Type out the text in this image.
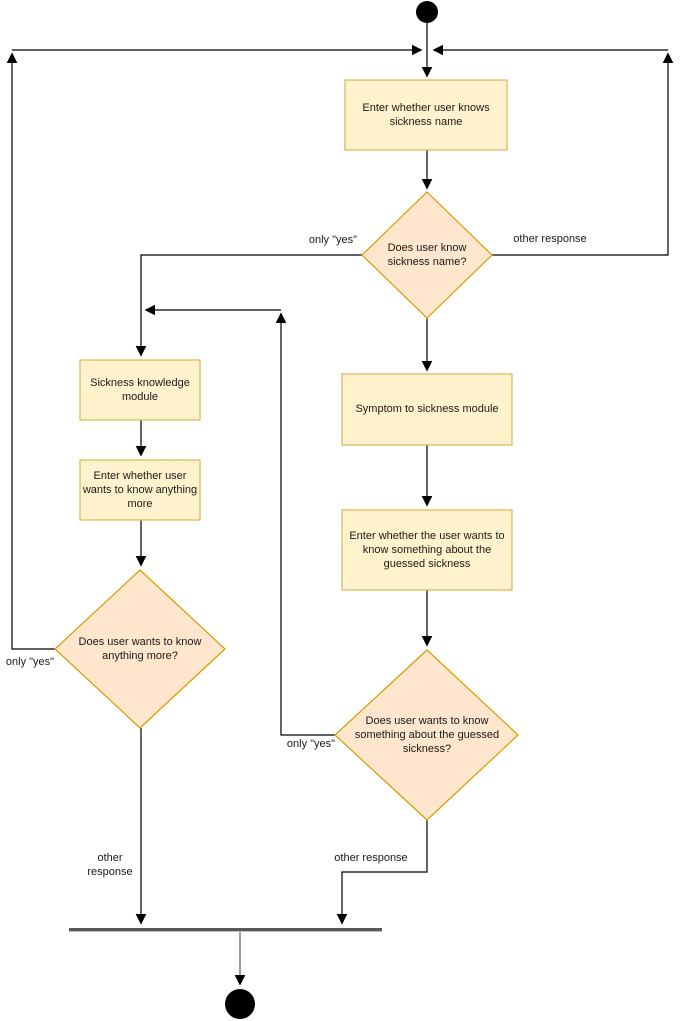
Enter whether user knows sickness name
Does user know sickness name?
Symptom to sickness module
Enter whether the user wants to know something about the guessed sickness
Does user wants to know something about the guessed sickness?
Sickness knowledge module
Enter whether user wants to know anything more
Does user wants to know anything more?
only "yes"	other response
only "yes"
other response
only "yes"
other response
